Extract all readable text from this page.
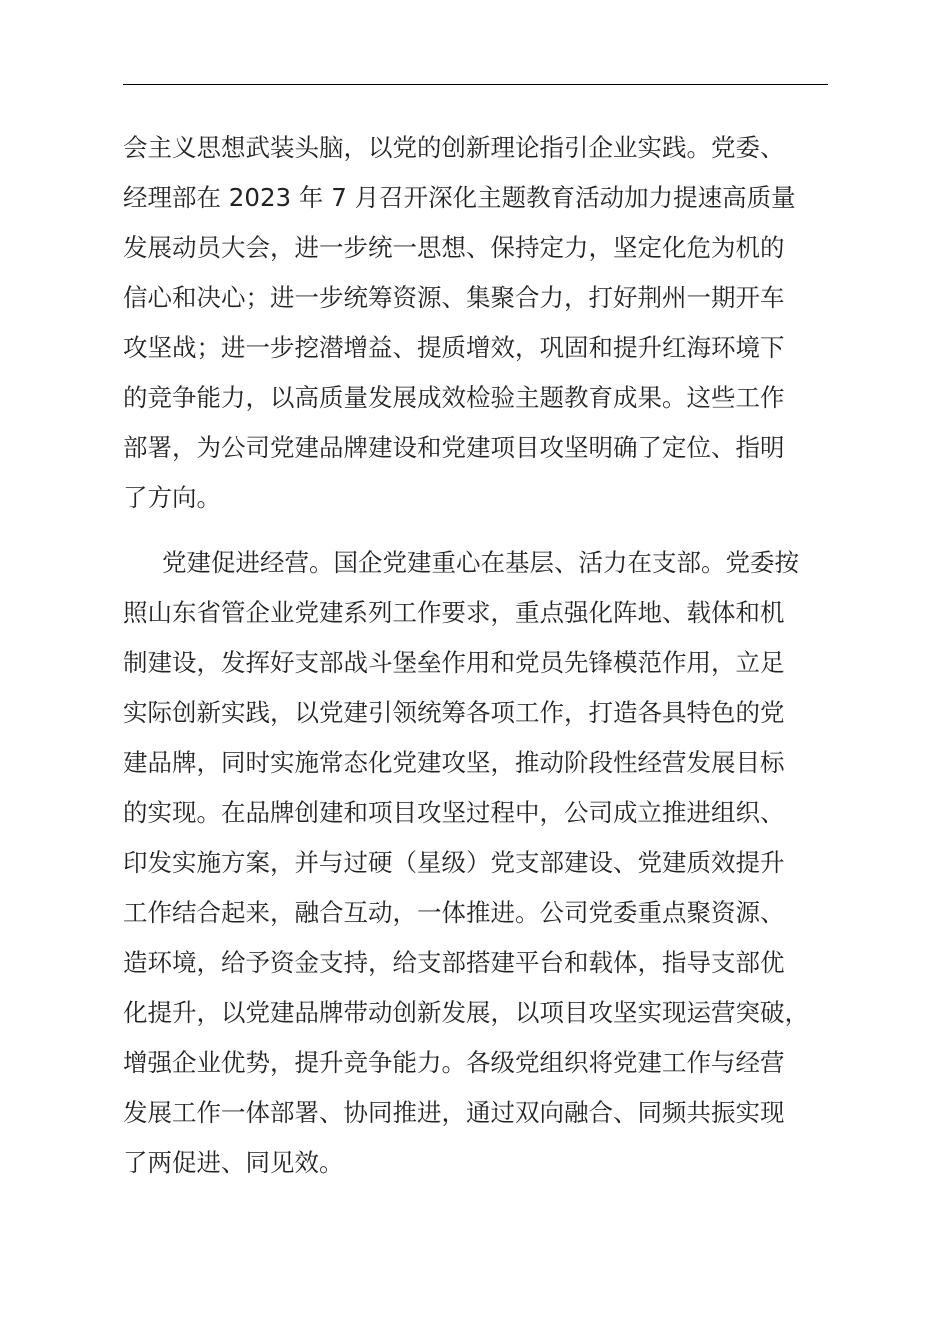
会主义思想武装头脑，以党的创新理论指引企业实践。党委、
经理部在 2023 年 7 月召开深化主题教育活动加力提速高质量
发展动员大会，进一步统一思想、保持定力，坚定化危为机的
信心和决心；进一步统筹资源、集聚合力，打好荆州一期开车
攻坚战；进一步挖潜增益、提质增效，巩固和提升红海环境下
的竞争能力，以高质量发展成效检验主题教育成果。这些工作
部署，为公司党建品牌建设和党建项目攻坚明确了定位、指明
了方向。
党建促进经营。国企党建重心在基层、活力在支部。党委按
照山东省管企业党建系列工作要求，重点强化阵地、载体和机
制建设，发挥好支部战斗堡垒作用和党员先锋模范作用，立足
实际创新实践，以党建引领统筹各项工作，打造各具特色的党
建品牌，同时实施常态化党建攻坚，推动阶段性经营发展目标
的实现。在品牌创建和项目攻坚过程中，公司成立推进组织、
印发实施方案，并与过硬（星级）党支部建设、党建质效提升
工作结合起来，融合互动，一体推进。公司党委重点聚资源、
造环境，给予资金支持，给支部搭建平台和载体，指导支部优
化提升，以党建品牌带动创新发展，以项目攻坚实现运营突破，
增强企业优势，提升竞争能力。各级党组织将党建工作与经营
发展工作一体部署、协同推进，通过双向融合、同频共振实现
了两促进、同见效。
